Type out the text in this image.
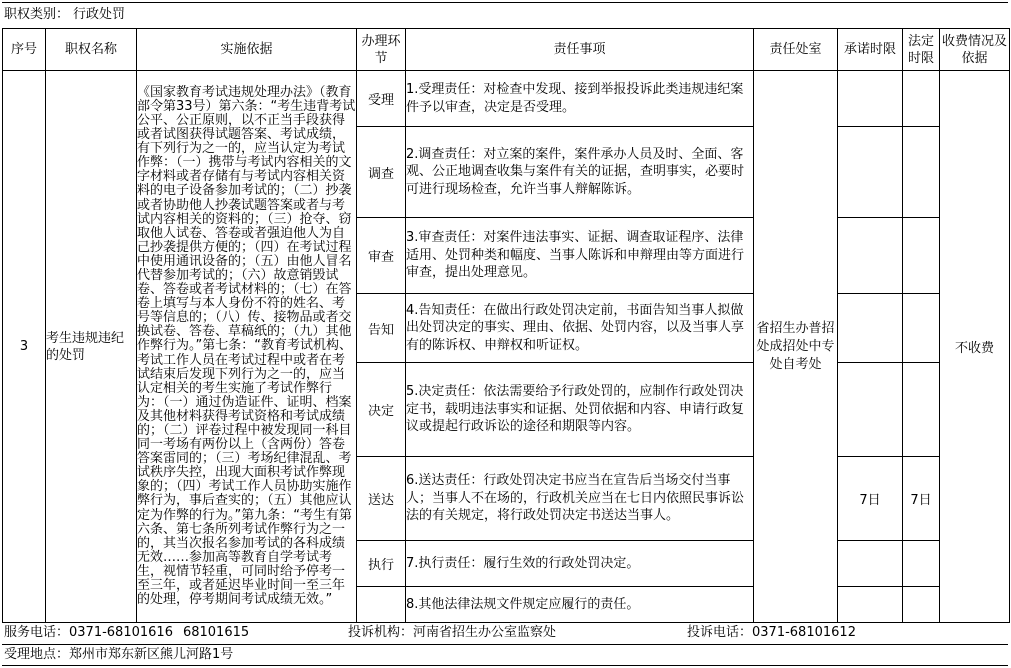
职权类别： 行政处罚
序号	职权名称	实施依据	办理环节	责任事项	责任处室	承诺时限	法定时限	收费情况及依据
3	考生违规违纪的处罚	《国家教育考试违规处理办法》（教育部令第33号）第六条：“考生违背考试公平、公正原则，以不正当手段获得或者试图获得试题答案、考试成绩，有下列行为之一的，应当认定为考试作弊：（一）携带与考试内容相关的文字材料或者存储有与考试内容相关资料的电子设备参加考试的；（二）抄袭或者协助他人抄袭试题答案或者与考试内容相关的资料的；（三）抢夺、窃取他人试卷、答卷或者强迫他人为自己抄袭提供方便的；（四）在考试过程中使用通讯设备的；（五）由他人冒名代替参加考试的；（六）故意销毁试卷、答卷或者考试材料的；（七）在答卷上填写与本人身份不符的姓名、考号等信息的；（八）传、接物品或者交换试卷、答卷、草稿纸的；（九）其他作弊行为。”第七条：“教育考试机构、考试工作人员在考试过程中或者在考试结束后发现下列行为之一的，应当认定相关的考生实施了考试作弊行为：（一）通过伪造证件、证明、档案及其他材料获得考试资格和考试成绩的；（二）评卷过程中被发现同一科目同一考场有两份以上（含两份）答卷答案雷同的；（三）考场纪律混乱、考试秩序失控，出现大面积考试作弊现象的；（四）考试工作人员协助实施作弊行为，事后查实的；（五）其他应认定为作弊的行为。”第九条：“考生有第六条、第七条所列考试作弊行为之一的，其当次报名参加考试的各科成绩无效……参加高等教育自学考试考生，视情节轻重，可同时给予停考一至三年，或者延迟毕业时间一至三年的处理，停考期间考试成绩无效。”	受理	1.受理责任：对检查中发现、接到举报投诉此类违规违纪案件予以审查，决定是否受理。	省招生办普招处成招处中专处自考处			不收费
			调查	2.调查责任：对立案的案件，案件承办人员及时、全面、客观、公正地调查收集与案件有关的证据，查明事实，必要时可进行现场检查，允许当事人辩解陈诉。				
			审查	3.审查责任：对案件违法事实、证据、调查取证程序、法律适用、处罚种类和幅度、当事人陈诉和申辩理由等方面进行审查，提出处理意见。				
			告知	4.告知责任：在做出行政处罚决定前，书面告知当事人拟做出处罚决定的事实、理由、依据、处罚内容，以及当事人享有的陈诉权、申辩权和听证权。				
			决定	5.决定责任：依法需要给予行政处罚的，应制作行政处罚决定书，载明违法事实和证据、处罚依据和内容、申请行政复议或提起行政诉讼的途径和期限等内容。				
			送达	6.送达责任：行政处罚决定书应当在宣告后当场交付当事人；当事人不在场的，行政机关应当在七日内依照民事诉讼法的有关规定，将行政处罚决定书送达当事人。		7日	7日	
			执行	7.执行责任：履行生效的行政处罚决定。				
				8.其他法律法规文件规定应履行的责任。				
服务电话：0371-68101616 68101615	投诉机构：河南省招生办公室监察处	投诉电话：0371-68101612
受理地点：郑州市郑东新区熊儿河路1号
